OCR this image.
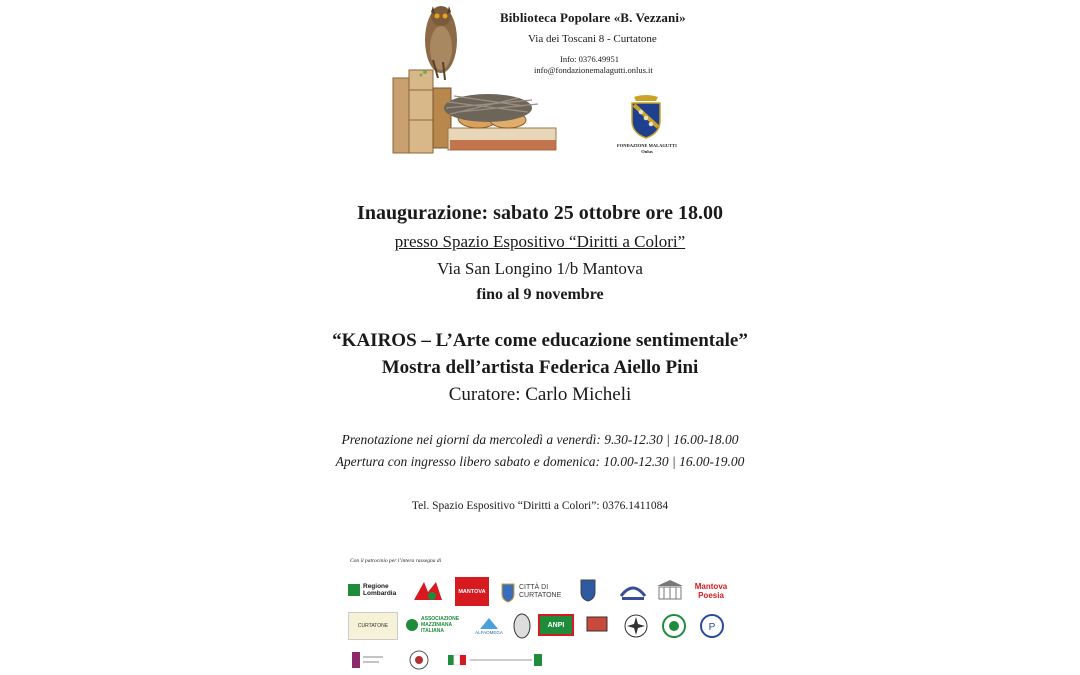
Biblioteca Popolare «B. Vezzani»
Via dei Toscani 8 - Curtatone
Info: 0376.49951
info@fondazionemalagutti.onlus.it
FONDAZIONE MALAGUTTI
Onlus
Inaugurazione: sabato 25 ottobre ore 18.00
presso Spazio Espositivo “Diritti a Colori”
Via San Longino 1/b Mantova
fino al 9 novembre
“KAIROS – L’Arte come educazione sentimentale”
Mostra dell’artista Federica Aiello Pini
Curatore: Carlo Micheli
Prenotazione nei giorni da mercoledì a venerdì: 9.30-12.30 | 16.00-18.00
Apertura con ingresso libero sabato e domenica: 10.00-12.30 | 16.00-19.00
Tel. Spazio Espositivo “Diritti a Colori”: 0376.1411084
Con il patrocinio per l’intera rassegna di
Regione Lombardia	MANTOVA
CITTÀ DI CURTATONE
Mantova Poesia
CURTATONE
ASSOCIAZIONE MAZZINIANA ITALIANA	ALFAOMEGA
ANPI	P
